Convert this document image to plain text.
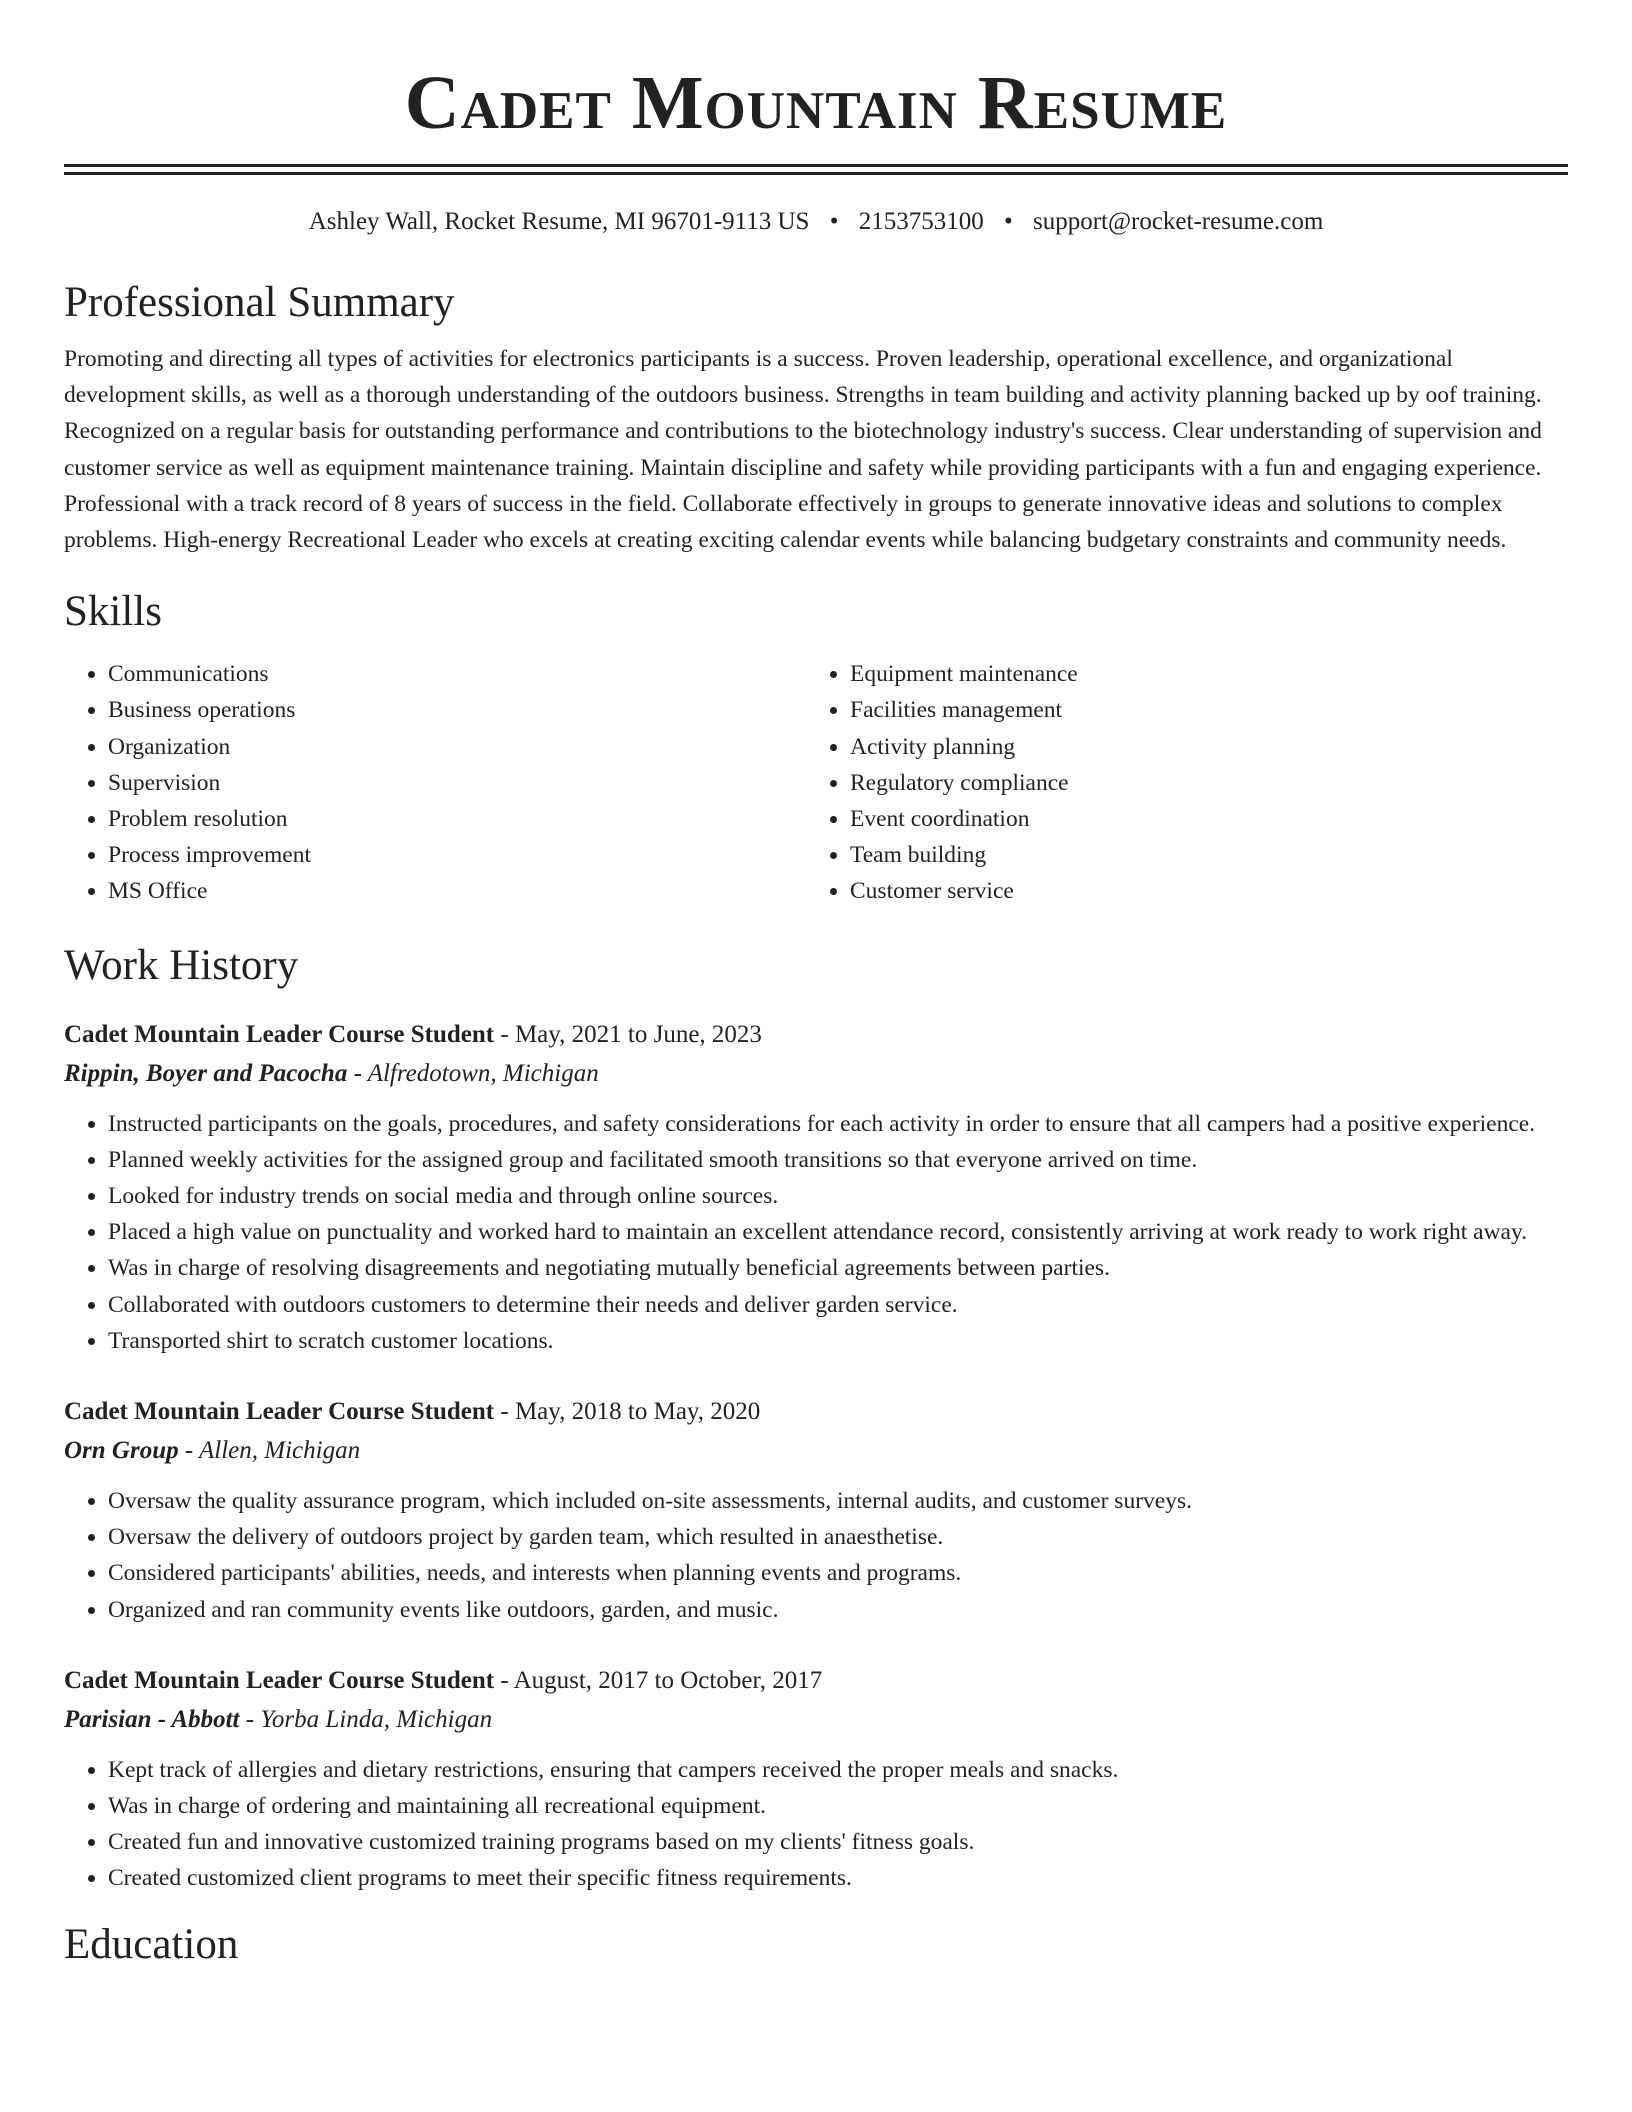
Cadet Mountain Resume
Ashley Wall, Rocket Resume, MI 96701-9113 US • 2153753100 • support@rocket-resume.com
Professional Summary

Promoting and directing all types of activities for electronics participants is a success. Proven leadership, operational excellence, and organizational development skills, as well as a thorough understanding of the outdoors business. Strengths in team building and activity planning backed up by oof training. Recognized on a regular basis for outstanding performance and contributions to the biotechnology industry's success. Clear understanding of supervision and customer service as well as equipment maintenance training. Maintain discipline and safety while providing participants with a fun and engaging experience. Professional with a track record of 8 years of success in the field. Collaborate effectively in groups to generate innovative ideas and solutions to complex problems. High-energy Recreational Leader who excels at creating exciting calendar events while balancing budgetary constraints and community needs.

Skills
• Communications
• Business operations
• Organization
• Supervision
• Problem resolution
• Process improvement
• MS Office
• Equipment maintenance
• Facilities management
• Activity planning
• Regulatory compliance
• Event coordination
• Team building
• Customer service
Work History
Cadet Mountain Leader Course Student - May, 2021 to June, 2023
Rippin, Boyer and Pacocha - Alfredotown, Michigan
• Instructed participants on the goals, procedures, and safety considerations for each activity in order to ensure that all campers had a positive experience.
• Planned weekly activities for the assigned group and facilitated smooth transitions so that everyone arrived on time.
• Looked for industry trends on social media and through online sources.
• Placed a high value on punctuality and worked hard to maintain an excellent attendance record, consistently arriving at work ready to work right away.
• Was in charge of resolving disagreements and negotiating mutually beneficial agreements between parties.
• Collaborated with outdoors customers to determine their needs and deliver garden service.
• Transported shirt to scratch customer locations.
Cadet Mountain Leader Course Student - May, 2018 to May, 2020
Orn Group - Allen, Michigan
• Oversaw the quality assurance program, which included on-site assessments, internal audits, and customer surveys.
• Oversaw the delivery of outdoors project by garden team, which resulted in anaesthetise.
• Considered participants' abilities, needs, and interests when planning events and programs.
• Organized and ran community events like outdoors, garden, and music.
Cadet Mountain Leader Course Student - August, 2017 to October, 2017
Parisian - Abbott - Yorba Linda, Michigan
• Kept track of allergies and dietary restrictions, ensuring that campers received the proper meals and snacks.
• Was in charge of ordering and maintaining all recreational equipment.
• Created fun and innovative customized training programs based on my clients' fitness goals.
• Created customized client programs to meet their specific fitness requirements.
Education
